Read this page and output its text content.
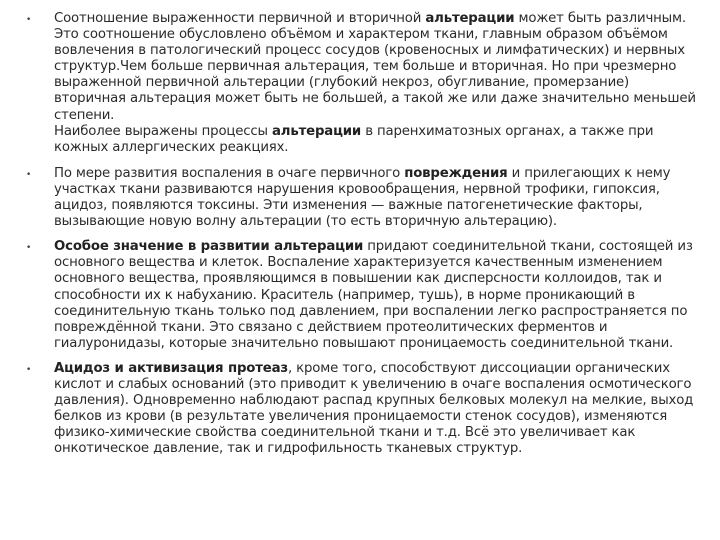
• Соотношение выраженности первичной и вторичной альтерации может быть различным. Это соотношение обусловлено объёмом и характером ткани, главным образом объёмом вовлечения в патологический процесс сосудов (кровеносных и лимфатических) и нервных структур.Чем больше первичная альтерация, тем больше и вторичная. Но при чрезмерно выраженной первичной альтерации (глубокий некроз, обугливание, промерзание) вторичная альтерация может быть не большей, а такой же или даже значительно меньшей степени.
Наиболее выражены процессы альтерации в паренхиматозных органах, а также при кожных аллергических реакциях.
• По мере развития воспаления в очаге первичного повреждения и прилегающих к нему участках ткани развиваются нарушения кровообращения, нервной трофики, гипоксия, ацидоз, появляются токсины. Эти изменения — важные патогенетические факторы, вызывающие новую волну альтерации (то есть вторичную альтерацию).
• Особое значение в развитии альтерации придают соединительной ткани, состоящей из основного вещества и клеток. Воспаление характеризуется качественным изменением основного вещества, проявляющимся в повышении как дисперсности коллоидов, так и способности их к набуханию. Краситель (например, тушь), в норме проникающий в соединительную ткань только под давлением, при воспалении легко распространяется по повреждённой ткани. Это связано с действием протеолитических ферментов и гиалуронидазы, которые значительно повышают проницаемость соединительной ткани.
• Ацидоз и активизация протеаз, кроме того, способствуют диссоциации органических кислот и слабых оснований (это приводит к увеличению в очаге воспаления осмотического давления). Одновременно наблюдают распад крупных белковых молекул на мелкие, выход белков из крови (в результате увеличения проницаемости стенок сосудов), изменяются физико-химические свойства соединительной ткани и т.д. Всё это увеличивает как онкотическое давление, так и гидрофильность тканевых структур.
